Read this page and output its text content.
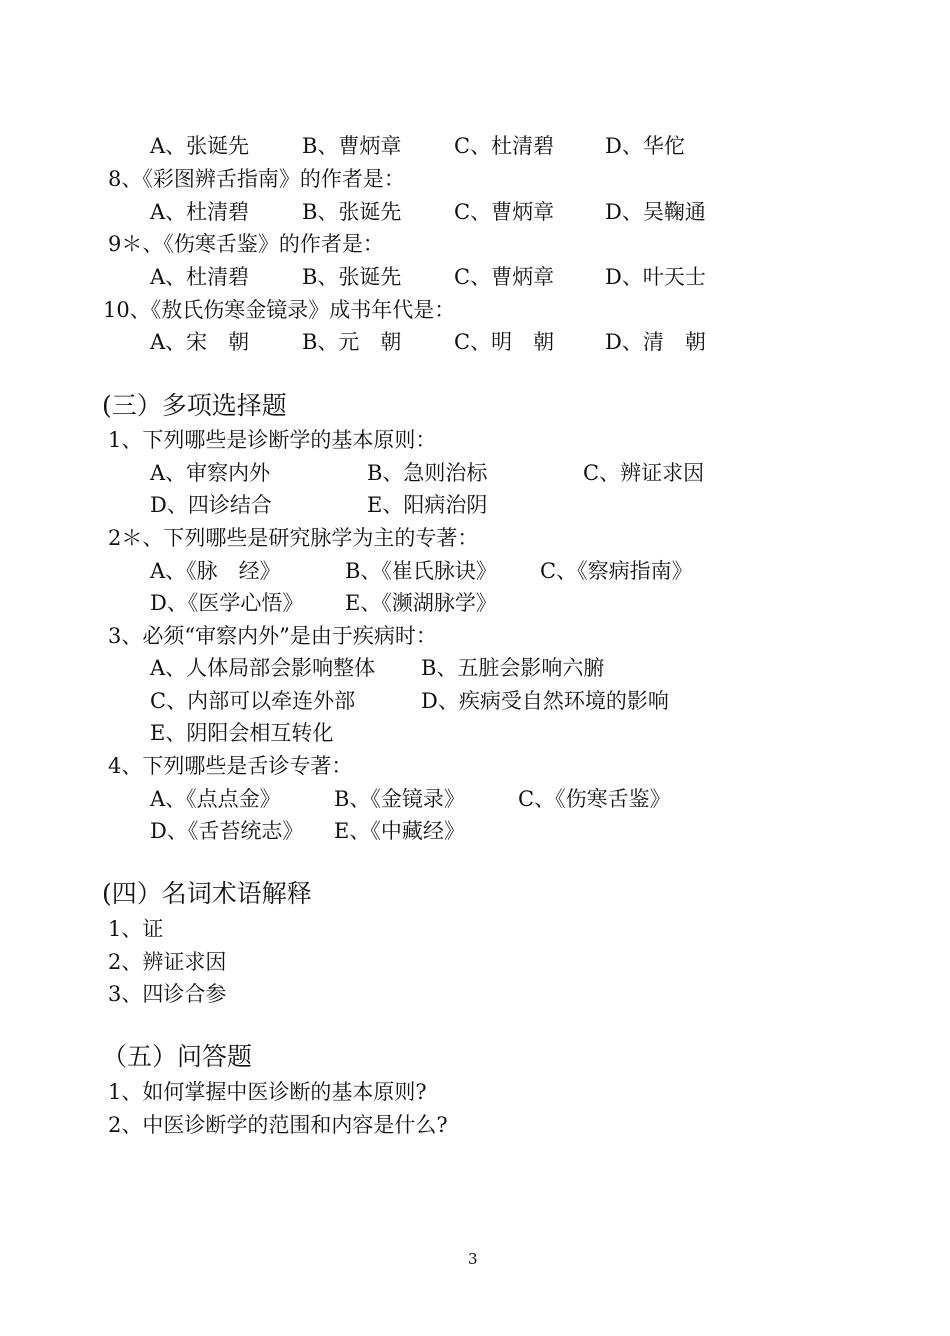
A、张诞先	B、曹炳章	C、杜清碧 D、华佗
8、《彩图辨舌指南》的作者是：
A、杜清碧	B、张诞先	C、曹炳章 D、吴鞠通
9＊、《伤寒舌鉴》的作者是：
A、杜清碧	B、张诞先	C、曹炳章 D、叶天士
10、《敖氏伤寒金镜录》成书年代是：
A、宋　朝	B、元　朝	C、明　朝 D、清　朝
(三）多项选择题
1、下列哪些是诊断学的基本原则：
A、审察内外	B、急则治标	C、辨证求因
D、四诊结合	E、阳病治阴
2＊、下列哪些是研究脉学为主的专著：
A、《脉　经》	B、《崔氏脉诀》 C、《察病指南》
D、《医学心悟》 E、《濒湖脉学》
3、必须“审察内外”是由于疾病时：
A、人体局部会影响整体 B、五脏会影响六腑
C、内部可以牵连外部	D、疾病受自然环境的影响
E、阴阳会相互转化
4、下列哪些是舌诊专著：
A、《点点金》	B、《金镜录》	C、《伤寒舌鉴》
D、《舌苔统志》 E、《中藏经》
(四）名词术语解释
1、证
2、辨证求因
3、四诊合参
（五）问答题
1、如何掌握中医诊断的基本原则?
2、中医诊断学的范围和内容是什么?
3
